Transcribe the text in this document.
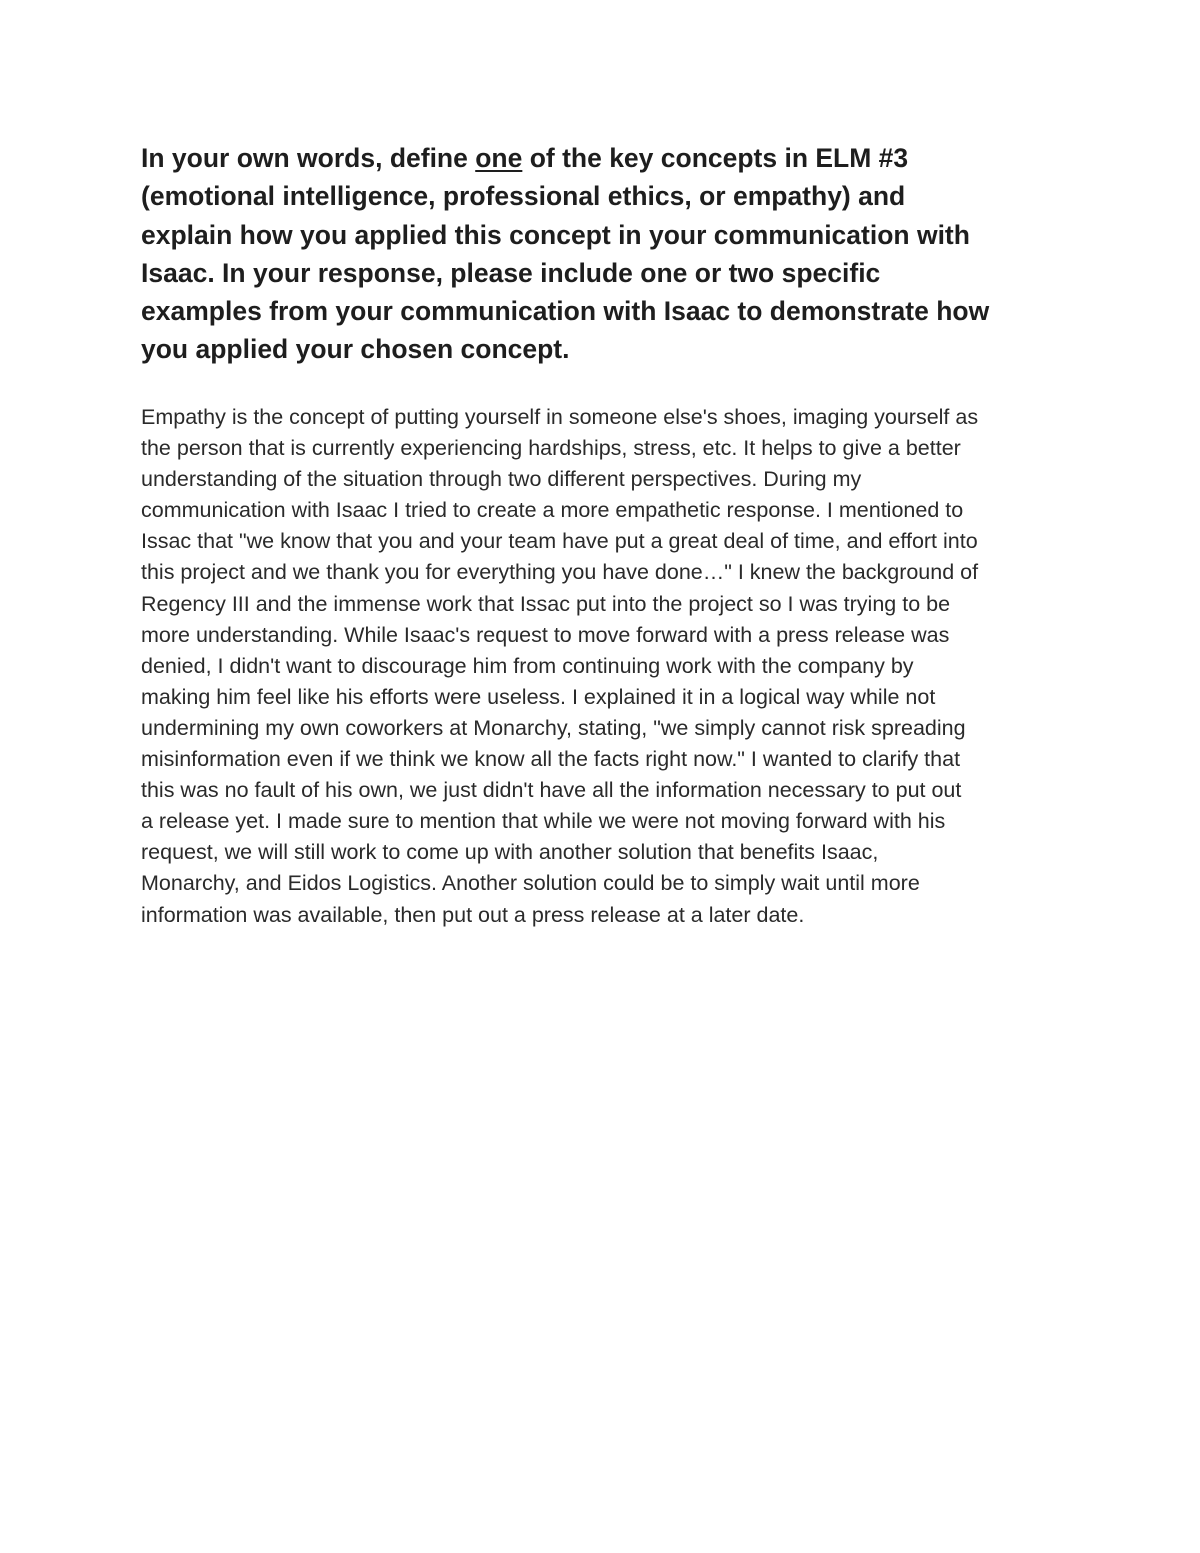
In your own words, define one of the key concepts in ELM #3
(emotional intelligence, professional ethics, or empathy) and
explain how you applied this concept in your communication with
Isaac. In your response, please include one or two specific
examples from your communication with Isaac to demonstrate how
you applied your chosen concept.

Empathy is the concept of putting yourself in someone else's shoes, imaging yourself as
the person that is currently experiencing hardships, stress, etc. It helps to give a better
understanding of the situation through two different perspectives. During my
communication with Isaac I tried to create a more empathetic response. I mentioned to
Issac that "we know that you and your team have put a great deal of time, and effort into
this project and we thank you for everything you have done…" I knew the background of
Regency III and the immense work that Issac put into the project so I was trying to be
more understanding. While Isaac's request to move forward with a press release was
denied, I didn't want to discourage him from continuing work with the company by
making him feel like his efforts were useless. I explained it in a logical way while not
undermining my own coworkers at Monarchy, stating, "we simply cannot risk spreading
misinformation even if we think we know all the facts right now." I wanted to clarify that
this was no fault of his own, we just didn't have all the information necessary to put out
a release yet. I made sure to mention that while we were not moving forward with his
request, we will still work to come up with another solution that benefits Isaac,
Monarchy, and Eidos Logistics. Another solution could be to simply wait until more
information was available, then put out a press release at a later date.
